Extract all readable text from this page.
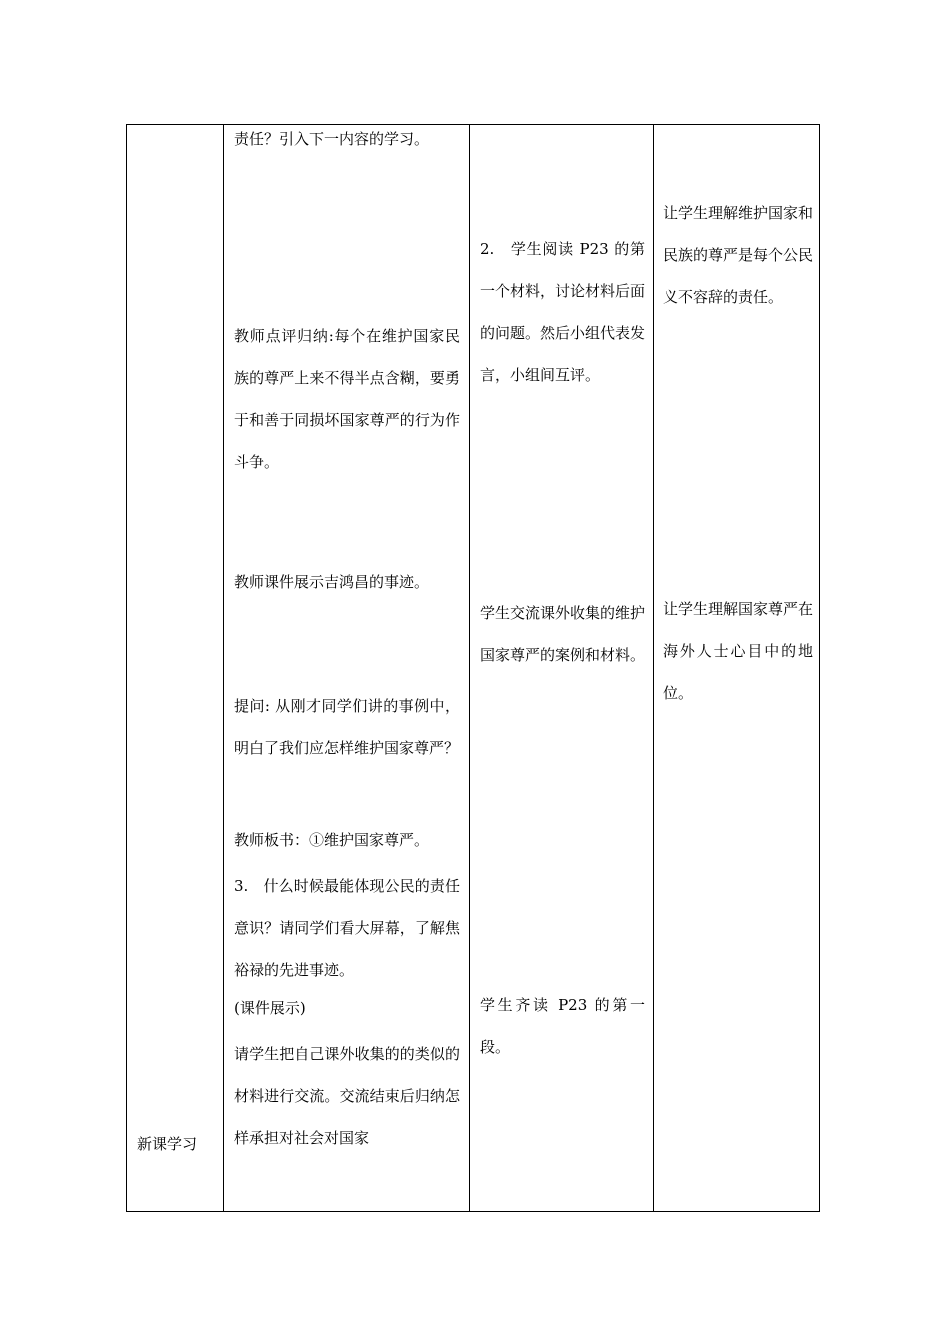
新课学习
责任？引入下一内容的学习。
教师点评归纳:每个在维护国家民族的尊严上来不得半点含糊，要勇于和善于同损坏国家尊严的行为作斗争。
教师课件展示吉鸿昌的事迹。
提问: 从刚才同学们讲的事例中，明白了我们应怎样维护国家尊严？
教师板书：①维护国家尊严。
3.　什么时候最能体现公民的责任意识？请同学们看大屏幕，了解焦裕禄的先进事迹。
(课件展示)
请学生把自己课外收集的的类似的材料进行交流。交流结束后归纳怎样承担对社会对国家
2.　学生阅读 P23 的第一个材料，讨论材料后面的问题。然后小组代表发言，小组间互评。
学生交流课外收集的维护国家尊严的案例和材料。
学生齐读 P23 的第一段。
让学生理解维护国家和民族的尊严是每个公民义不容辞的责任。
让学生理解国家尊严在海外人士心目中的地位。
